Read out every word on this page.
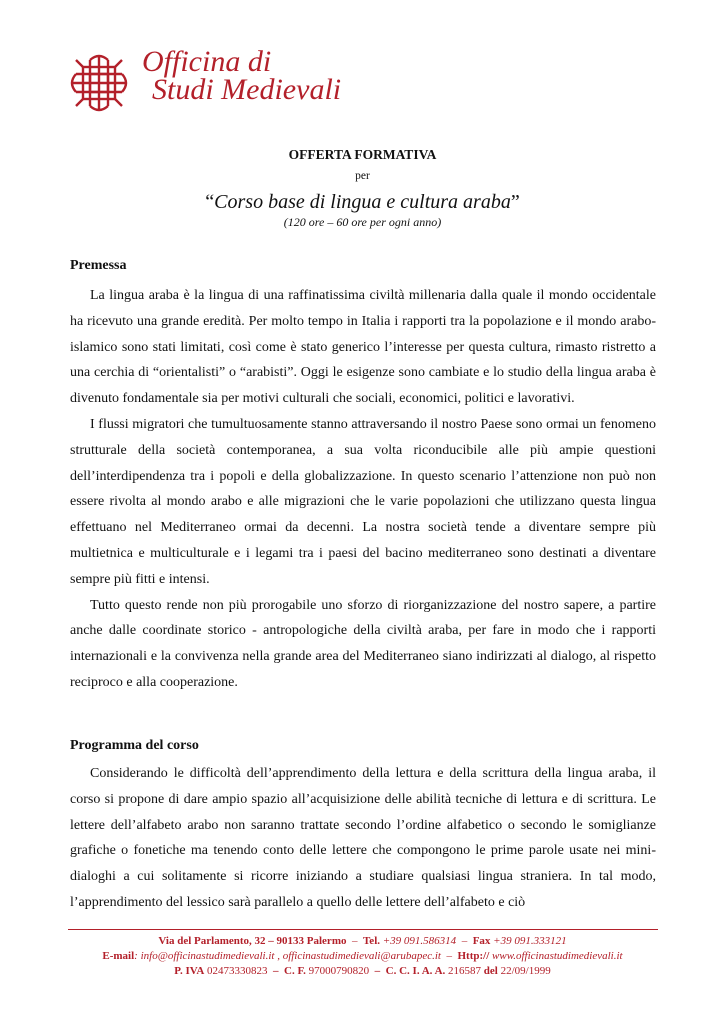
Officina di
Studi Medievali
OFFERTA FORMATIVA
per
“Corso base di lingua e cultura araba”
(120 ore – 60 ore per ogni anno)
Premessa

La lingua araba è la lingua di una raffinatissima civiltà millenaria dalla quale il mondo occidentale ha ricevuto una grande eredità. Per molto tempo in Italia i rapporti tra la popolazione e il mondo arabo-islamico sono stati limitati, così come è stato generico l’interesse per questa cultura, rimasto ristretto a una cerchia di “orientalisti” o “arabisti”. Oggi le esigenze sono cambiate e lo studio della lingua araba è divenuto fondamentale sia per motivi culturali che sociali, economici, politici e lavorativi.

I flussi migratori che tumultuosamente stanno attraversando il nostro Paese sono ormai un fenomeno strutturale della società contemporanea, a sua volta riconducibile alle più ampie questioni dell’interdipendenza tra i popoli e della globalizzazione. In questo scenario l’attenzione non può non essere rivolta al mondo arabo e alle migrazioni che le varie popolazioni che utilizzano questa lingua effettuano nel Mediterraneo ormai da decenni. La nostra società tende a diventare sempre più multietnica e multiculturale e i legami tra i paesi del bacino mediterraneo sono destinati a diventare sempre più fitti e intensi.

Tutto questo rende non più prorogabile uno sforzo di riorganizzazione del nostro sapere, a partire anche dalle coordinate storico - antropologiche della civiltà araba, per fare in modo che i rapporti internazionali e la convivenza nella grande area del Mediterraneo siano indirizzati al dialogo, al rispetto reciproco e alla cooperazione.

Programma del corso

Considerando le difficoltà dell’apprendimento della lettura e della scrittura della lingua araba, il corso si propone di dare ampio spazio all’acquisizione delle abilità tecniche di lettura e di scrittura. Le lettere dell’alfabeto arabo non saranno trattate secondo l’ordine alfabetico o secondo le somiglianze grafiche o fonetiche ma tenendo conto delle lettere che compongono le prime parole usate nei mini-dialoghi a cui solitamente si ricorre iniziando a studiare qualsiasi lingua straniera. In tal modo, l’apprendimento del lessico sarà parallelo a quello delle lettere dell’alfabeto e ciò

Via del Parlamento, 32 – 90133 Palermo – Tel. +39 091.586314 – Fax +39 091.333121
E-mail: info@officinastudimedievali.it , officinastudimedievali@arubapec.it – Http:// www.officinastudimedievali.it
P. IVA 02473330823 – C. F. 97000790820 – C. C. I. A. A. 216587 del 22/09/1999
